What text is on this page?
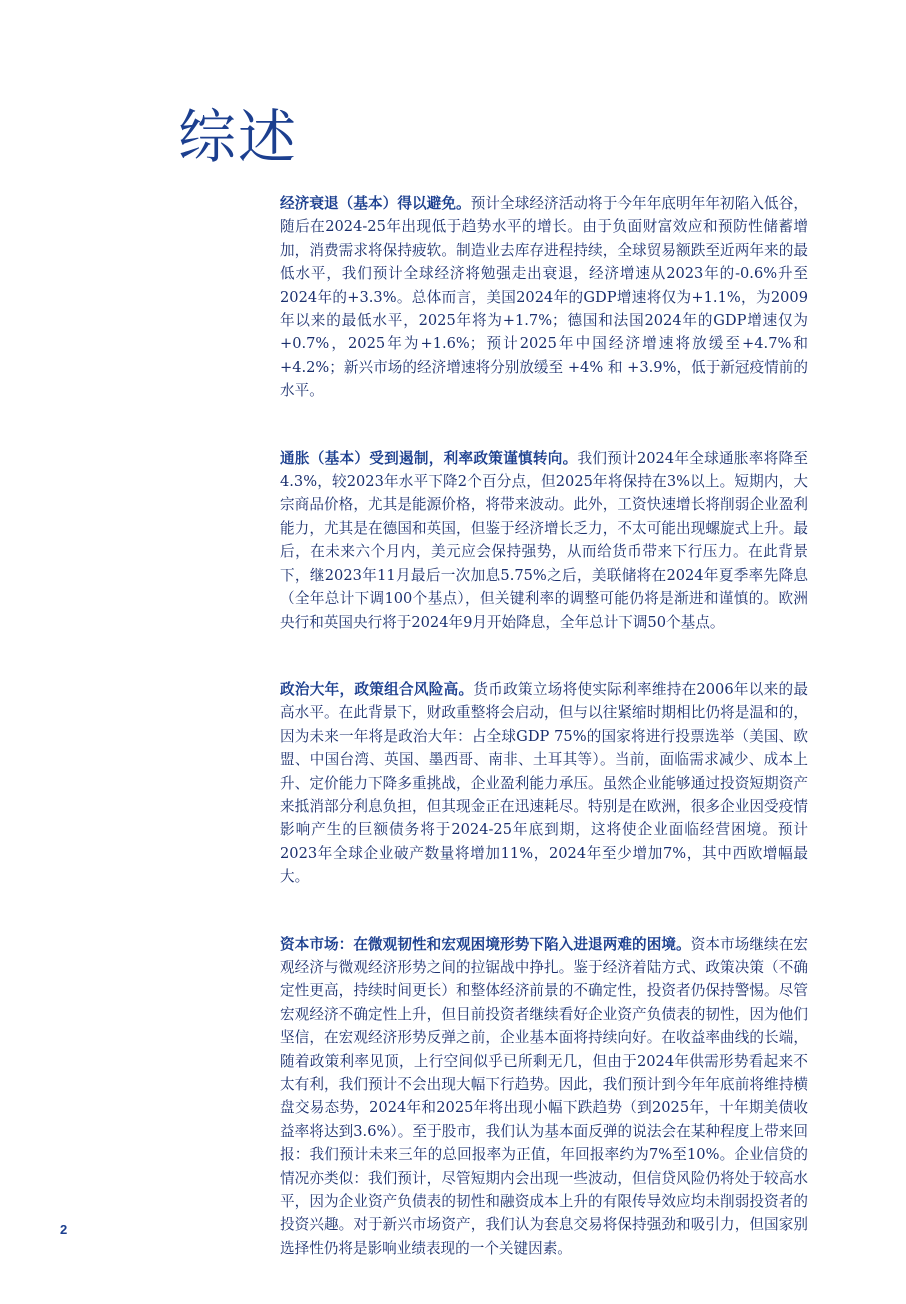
综述

经济衰退（基本）得以避免。预计全球经济活动将于今年年底明年年初陷入低谷，随后在2024-25年出现低于趋势水平的增长。由于负面财富效应和预防性储蓄增加，消费需求将保持疲软。制造业去库存进程持续，全球贸易额跌至近两年来的最低水平，我们预计全球经济将勉强走出衰退，经济增速从2023年的-0.6%升至2024年的+3.3%。总体而言，美国2024年的GDP增速将仅为+1.1%，为2009年以来的最低水平，2025年将为+1.7%；德国和法国2024年的GDP增速仅为+0.7%，2025年为+1.6%；预计2025年中国经济增速将放缓至+4.7%和+4.2%；新兴市场的经济增速将分别放缓至 +4% 和 +3.9%，低于新冠疫情前的水平。

通胀（基本）受到遏制，利率政策谨慎转向。我们预计2024年全球通胀率将降至4.3%，较2023年水平下降2个百分点，但2025年将保持在3%以上。短期内，大宗商品价格，尤其是能源价格，将带来波动。此外，工资快速增长将削弱企业盈利能力，尤其是在德国和英国，但鉴于经济增长乏力，不太可能出现螺旋式上升。最后，在未来六个月内，美元应会保持强势，从而给货币带来下行压力。在此背景下，继2023年11月最后一次加息5.75%之后，美联储将在2024年夏季率先降息（全年总计下调100个基点），但关键利率的调整可能仍将是渐进和谨慎的。欧洲央行和英国央行将于2024年9月开始降息，全年总计下调50个基点。

政治大年，政策组合风险高。货币政策立场将使实际利率维持在2006年以来的最高水平。在此背景下，财政重整将会启动，但与以往紧缩时期相比仍将是温和的，因为未来一年将是政治大年：占全球GDP 75%的国家将进行投票选举（美国、欧盟、中国台湾、英国、墨西哥、南非、土耳其等）。当前，面临需求减少、成本上升、定价能力下降多重挑战，企业盈利能力承压。虽然企业能够通过投资短期资产来抵消部分利息负担，但其现金正在迅速耗尽。特别是在欧洲，很多企业因受疫情影响产生的巨额债务将于2024-25年底到期，这将使企业面临经营困境。预计2023年全球企业破产数量将增加11%，2024年至少增加7%，其中西欧增幅最大。

资本市场：在微观韧性和宏观困境形势下陷入进退两难的困境。资本市场继续在宏观经济与微观经济形势之间的拉锯战中挣扎。鉴于经济着陆方式、政策决策（不确定性更高，持续时间更长）和整体经济前景的不确定性，投资者仍保持警惕。尽管宏观经济不确定性上升，但目前投资者继续看好企业资产负债表的韧性，因为他们坚信，在宏观经济形势反弹之前，企业基本面将持续向好。在收益率曲线的长端，随着政策利率见顶，上行空间似乎已所剩无几，但由于2024年供需形势看起来不太有利，我们预计不会出现大幅下行趋势。因此，我们预计到今年年底前将维持横盘交易态势，2024年和2025年将出现小幅下跌趋势（到2025年，十年期美债收益率将达到3.6%）。至于股市，我们认为基本面反弹的说法会在某种程度上带来回报：我们预计未来三年的总回报率为正值，年回报率约为7%至10%。企业信贷的情况亦类似：我们预计，尽管短期内会出现一些波动，但信贷风险仍将处于较高水平，因为企业资产负债表的韧性和融资成本上升的有限传导效应均未削弱投资者的投资兴趣。对于新兴市场资产，我们认为套息交易将保持强劲和吸引力，但国家别选择性仍将是影响业绩表现的一个关键因素。

2
